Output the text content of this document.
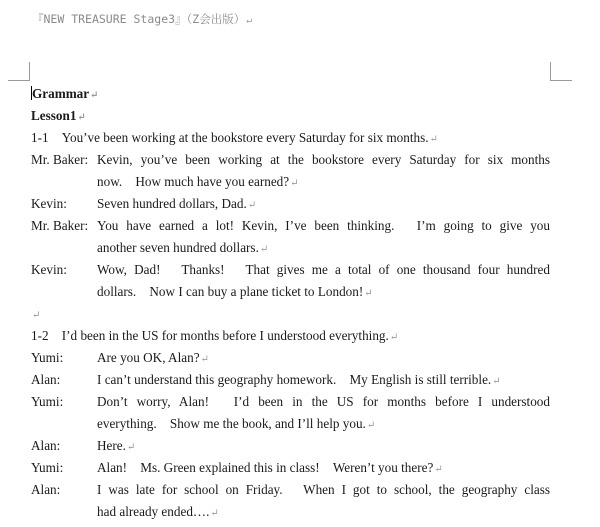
『NEW TREASURE Stage3』（Z会出版）↵
Grammar↵
Lesson1↵
1-1　You’ve been working at the bookstore every Saturday for six months.↵
Mr. Baker: Kevin, you’ve been working at the bookstore every Saturday for six months
now.　How much have you earned?↵
Kevin: Seven hundred dollars, Dad.↵
Mr. Baker: You have earned a lot! Kevin, I’ve been thinking.　I’m going to give you
another seven hundred dollars.↵
Kevin: Wow, Dad!　Thanks!　That gives me a total of one thousand four hundred
dollars.　Now I can buy a plane ticket to London!↵
↵
1-2　I’d been in the US for months before I understood everything.↵
Yumi:	Are you OK, Alan?↵
Alan:	I can’t understand this geography homework.　My English is still terrible.↵
Yumi:	Don’t worry, Alan!　I’d been in the US for months before I understood
everything.　Show me the book, and I’ll help you.↵
Alan:	Here.↵
Yumi:	Alan!　Ms. Green explained this in class!　Weren’t you there?↵
Alan:	I was late for school on Friday.　When I got to school, the geography class
had already ended….↵
